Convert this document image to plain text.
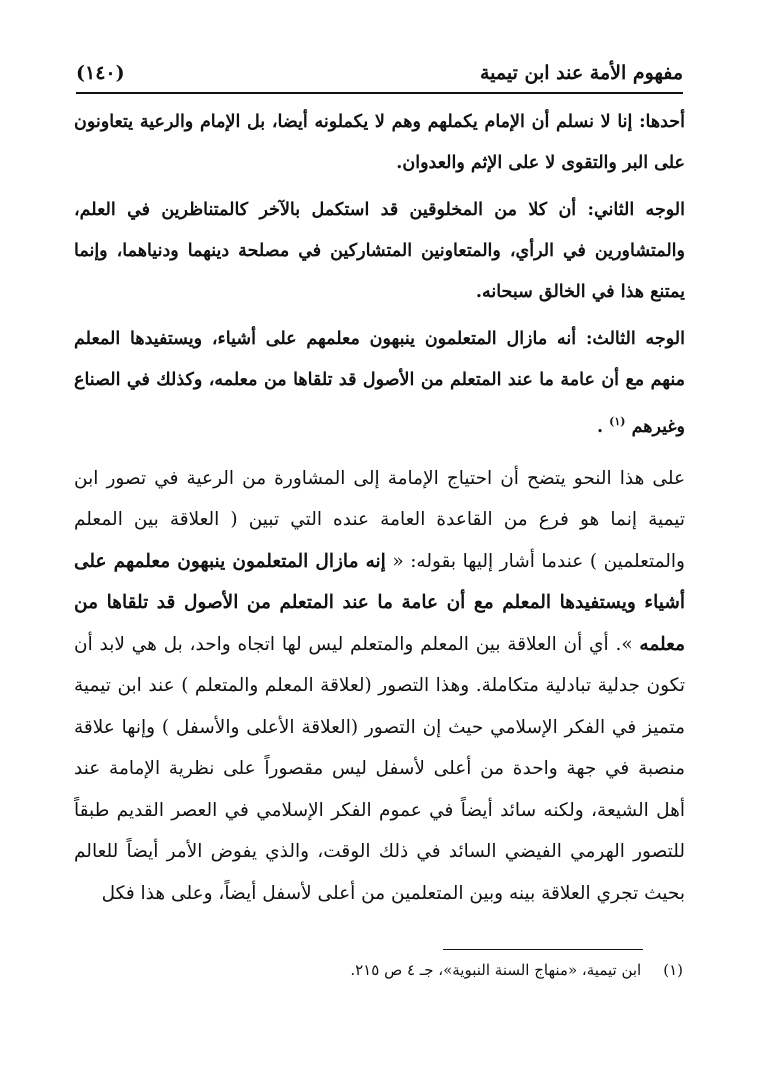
مفهوم الأمة عند ابن تيمية
(١٤٠)

أحدها: إنا لا نسلم أن الإمام يكملهم وهم لا يكملونه أيضا، بل الإمام والرعية يتعاونون على البر والتقوى لا على الإثم والعدوان.

الوجه الثاني: أن كلا من المخلوقين قد استكمل بالآخر كالمتناظرين في العلم، والمتشاورين في الرأي، والمتعاونين المتشاركين في مصلحة دينهما ودنياهما، وإنما يمتنع هذا في الخالق سبحانه.

الوجه الثالث: أنه مازال المتعلمون ينبهون معلمهم على أشياء، ويستفيدها المعلم منهم مع أن عامة ما عند المتعلم من الأصول قد تلقاها من معلمه، وكذلك في الصناع وغيرهم $^{(١)}$ .

على هذا النحو يتضح أن احتياج الإمامة إلى المشاورة من الرعية في تصور ابن تيمية إنما هو فرع من القاعدة العامة عنده التي تبين ( العلاقة بين المعلم والمتعلمين ) عندما أشار إليها بقوله: « إنه مازال المتعلمون ينبهون معلمهم على أشياء ويستفيدها المعلم مع أن عامة ما عند المتعلم من الأصول قد تلقاها من معلمه ». أي أن العلاقة بين المعلم والمتعلم ليس لها اتجاه واحد، بل هي لابد أن تكون جدلية تبادلية متكاملة. وهذا التصور (لعلاقة المعلم والمتعلم ) عند ابن تيمية متميز في الفكر الإسلامي حيث إن التصور (العلاقة الأعلى والأسفل ) وإنها علاقة منصبة في جهة واحدة من أعلى لأسفل ليس مقصوراً على نظرية الإمامة عند أهل الشيعة، ولكنه سائد أيضاً في عموم الفكر الإسلامي في العصر القديم طبقاً للتصور الهرمي الفيضي السائد في ذلك الوقت، والذي يفوض الأمر أيضاً للعالم بحيث تجري العلاقة بينه وبين المتعلمين من أعلى لأسفل أيضاً، وعلى هذا فكل

(١)ابن تيمية، «منهاج السنة النبوية»، جـ ٤ ص ٢١٥.
